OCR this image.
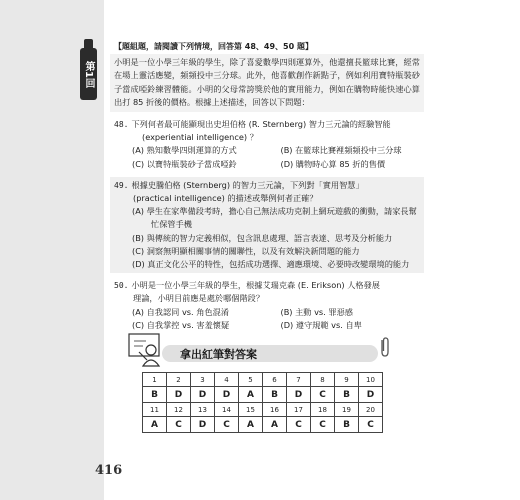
第1回
416
【題組題，請閱讀下列情境，回答第 48、49、50 題】
小明是一位小學三年級的學生，除了喜愛數學四則運算外，他還擅長籃球比賽，經常在場上靈活應變，頻頻投中三分球。此外，他喜歡創作新點子，例如利用寶特瓶裝砂子當成啞鈴練習體能。小明的父母常誇獎於他的實用能力，例如在購物時能快速心算出打 85 折後的價格。根據上述描述，回答以下問題：
48. 下列何者最可能顯現出史坦伯格 (R. Sternberg) 智力三元論的經驗智能
(experiential intelligence) ？
(A) 熟知數學四則運算的方式	(B) 在籃球比賽裡頻頻投中三分球
(C) 以寶特瓶裝砂子當成啞鈴	(D) 購物時心算 85 折的售價
49. 根據史騰伯格 (Sternberg) 的智力三元論，下列對「實用智慧」
(practical intelligence) 的描述或舉例何者正確？
(A) 學生在家準備段考時，擔心自己無法成功克制上網玩遊戲的衝動，請家長幫忙保管手機
(B) 與傳統的智力定義相似，包含訊息處理、語言表達、思考及分析能力
(C) 洞察無明顯相關事情的關聯性，以及有效解決新問題的能力
(D) 真正文化公平的特性，包括成功選擇、適應環境、必要時改變環境的能力
50. 小明是一位小學三年級的學生，根據艾瑞克森 (E. Erikson) 人格發展
理論，小明目前應是處於哪個階段？
(A) 自我認同 vs. 角色混淆	(B) 主動 vs. 罪惡感
(C) 自我掌控 vs. 害羞懷疑	(D) 遵守規範 vs. 自卑
拿出紅筆對答案
1	2	3	4	5	6	7	8	9	10
B	D	D	D	A	B	D	C	B	D
11	12	13	14	15	16	17	18	19	20
A	C	D	C	A	A	C	C	B	C
